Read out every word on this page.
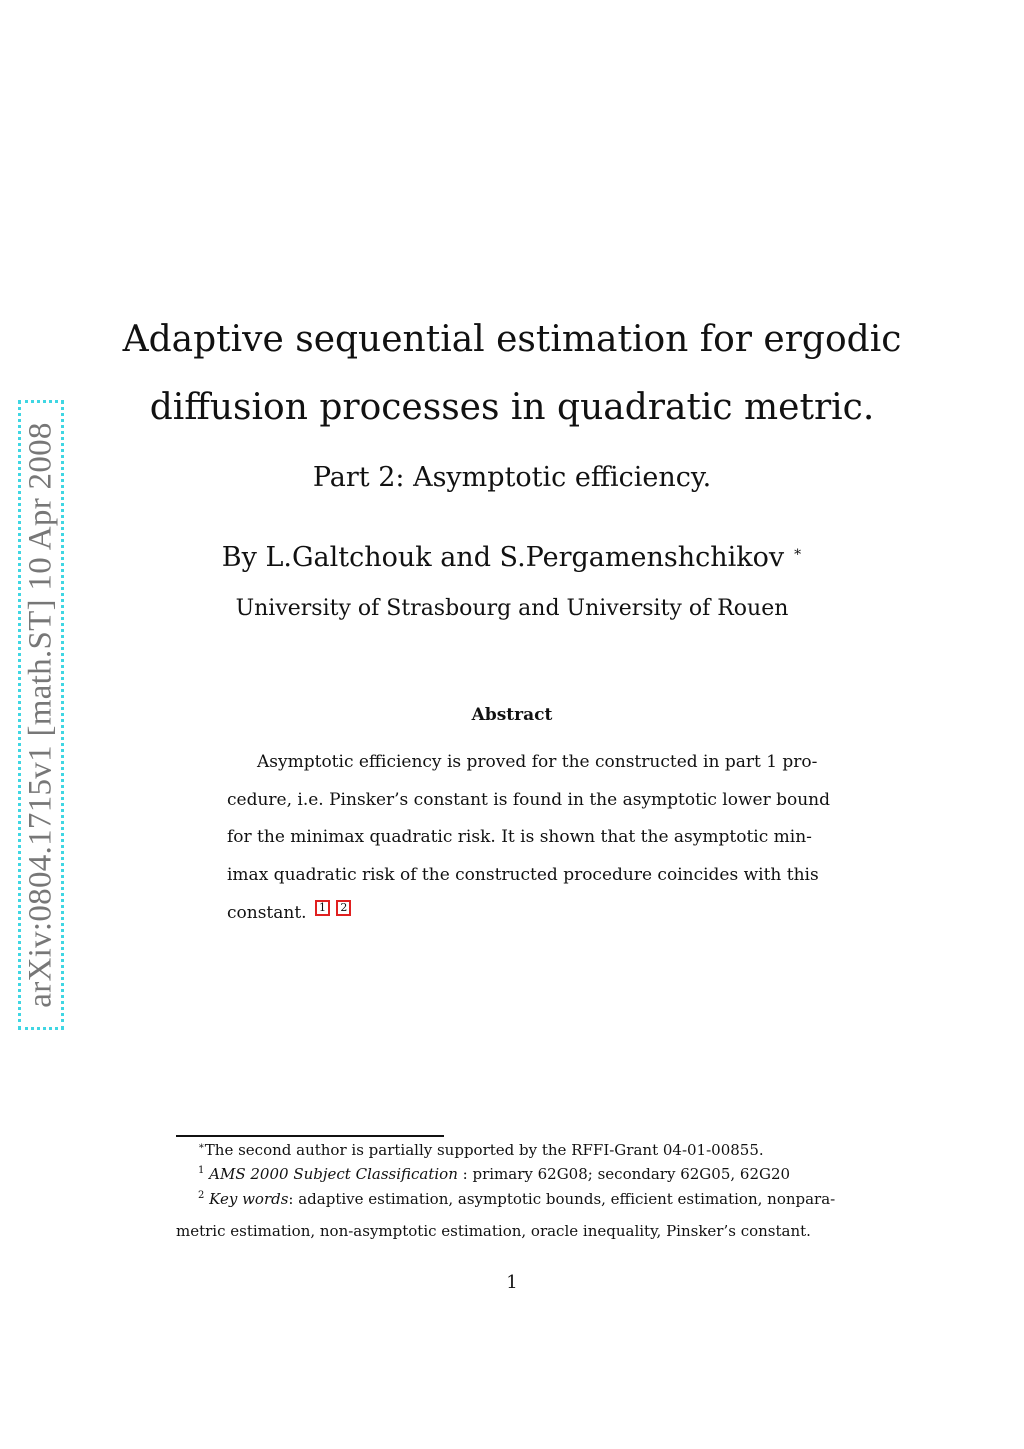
arXiv:0804.1715v1 [math.ST] 10 Apr 2008
Adaptive sequential estimation for ergodic
diffusion processes in quadratic metric.
Part 2: Asymptotic efficiency.
By L.Galtchouk and S.Pergamenshchikov ∗
University of Strasbourg and University of Rouen
Abstract
Asymptotic efficiency is proved for the constructed in part 1 pro-
cedure, i.e. Pinsker’s constant is found in the asymptotic lower bound
for the minimax quadratic risk. It is shown that the asymptotic min-
imax quadratic risk of the constructed procedure coincides with this
constant. 1 2
∗The second author is partially supported by the RFFI-Grant 04-01-00855.
$^1$ AMS 2000 Subject Classification : primary 62G08; secondary 62G05, 62G20
$^2$ Key words: adaptive estimation, asymptotic bounds, efficient estimation, nonpara-
metric estimation, non-asymptotic estimation, oracle inequality, Pinsker’s constant.
1
